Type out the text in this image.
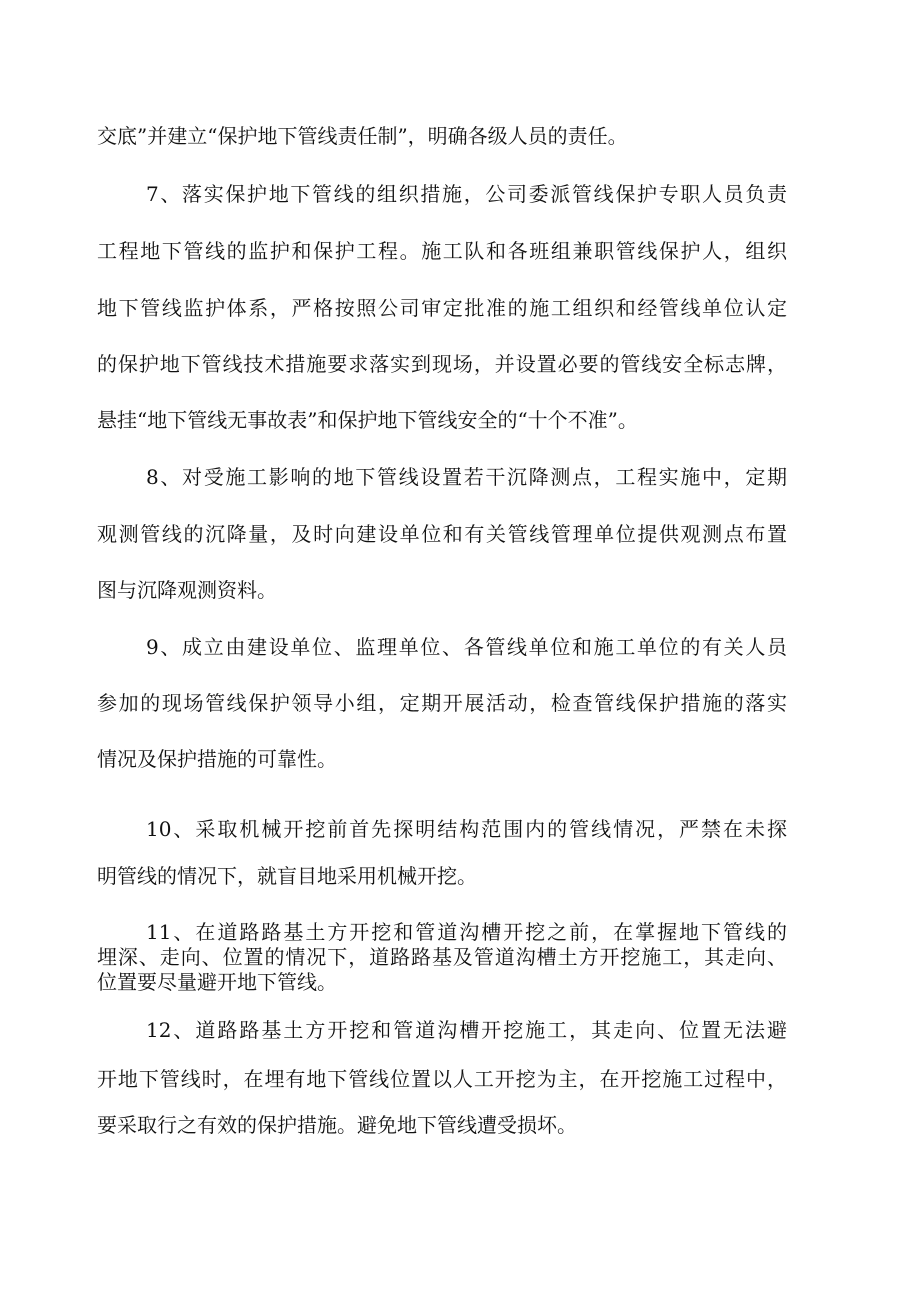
交底”并建立“保护地下管线责任制”，明确各级人员的责任。
7、落实保护地下管线的组织措施，公司委派管线保护专职人员负责
工程地下管线的监护和保护工程。施工队和各班组兼职管线保护人，组织
地下管线监护体系，严格按照公司审定批准的施工组织和经管线单位认定
的保护地下管线技术措施要求落实到现场，并设置必要的管线安全标志牌，
悬挂“地下管线无事故表”和保护地下管线安全的“十个不准”。
8、对受施工影响的地下管线设置若干沉降测点，工程实施中，定期
观测管线的沉降量，及时向建设单位和有关管线管理单位提供观测点布置
图与沉降观测资料。
9、成立由建设单位、监理单位、各管线单位和施工单位的有关人员
参加的现场管线保护领导小组，定期开展活动，检查管线保护措施的落实
情况及保护措施的可靠性。
10、采取机械开挖前首先探明结构范围内的管线情况，严禁在未探
明管线的情况下，就盲目地采用机械开挖。
11、在道路路基土方开挖和管道沟槽开挖之前，在掌握地下管线的
埋深、走向、位置的情况下，道路路基及管道沟槽土方开挖施工，其走向、
位置要尽量避开地下管线。
12、道路路基土方开挖和管道沟槽开挖施工，其走向、位置无法避
开地下管线时，在埋有地下管线位置以人工开挖为主，在开挖施工过程中，
要采取行之有效的保护措施。避免地下管线遭受损坏。
